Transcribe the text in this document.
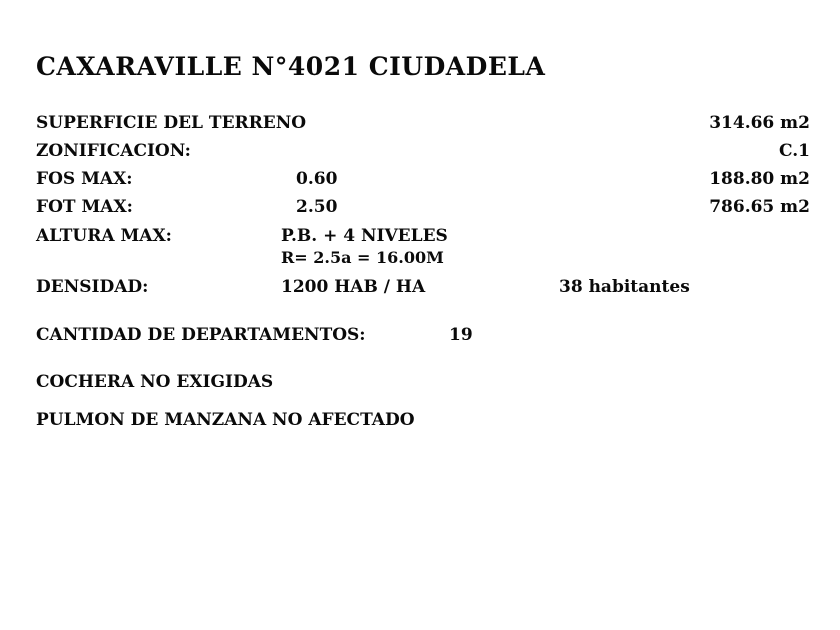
CAXARAVILLE N°4021 CIUDADELA
SUPERFICIE DEL TERRENO	314.66 m2
ZONIFICACION:	C.1
FOS MAX:	0.60	188.80 m2
FOT MAX:	2.50	786.65 m2
ALTURA MAX:	P.B. + 4 NIVELES
R= 2.5a = 16.00M
DENSIDAD:	1200 HAB / HA	38 habitantes
CANTIDAD DE DEPARTAMENTOS:	19
COCHERA NO EXIGIDAS
PULMON DE MANZANA NO AFECTADO
